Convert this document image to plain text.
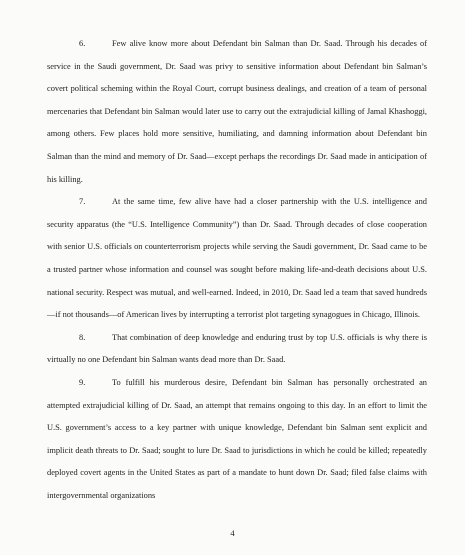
6.	Few alive know more about Defendant bin Salman than Dr. Saad. Through his decades of service in the Saudi government, Dr. Saad was privy to sensitive information about Defendant bin Salman’s covert political scheming within the Royal Court, corrupt business dealings, and creation of a team of personal mercenaries that Defendant bin Salman would later use to carry out the extrajudicial killing of Jamal Khashoggi, among others. Few places hold more sensitive, humiliating, and damning information about Defendant bin Salman than the mind and memory of Dr. Saad—except perhaps the recordings Dr. Saad made in anticipation of his killing.

7.	At the same time, few alive have had a closer partnership with the U.S. intelligence and security apparatus (the “U.S. Intelligence Community”) than Dr. Saad. Through decades of close cooperation with senior U.S. officials on counterterrorism projects while serving the Saudi government, Dr. Saad came to be a trusted partner whose information and counsel was sought before making life-and-death decisions about U.S. national security. Respect was mutual, and well-earned. Indeed, in 2010, Dr. Saad led a team that saved hundreds—if not thousands—of American lives by interrupting a terrorist plot targeting synagogues in Chicago, Illinois.

8.	That combination of deep knowledge and enduring trust by top U.S. officials is why there is virtually no one Defendant bin Salman wants dead more than Dr. Saad.

9.	To fulfill his murderous desire, Defendant bin Salman has personally orchestrated an attempted extrajudicial killing of Dr. Saad, an attempt that remains ongoing to this day. In an effort to limit the U.S. government’s access to a key partner with unique knowledge, Defendant bin Salman sent explicit and implicit death threats to Dr. Saad; sought to lure Dr. Saad to jurisdictions in which he could be killed; repeatedly deployed covert agents in the United States as part of a mandate to hunt down Dr. Saad; filed false claims with intergovernmental organizations

4
